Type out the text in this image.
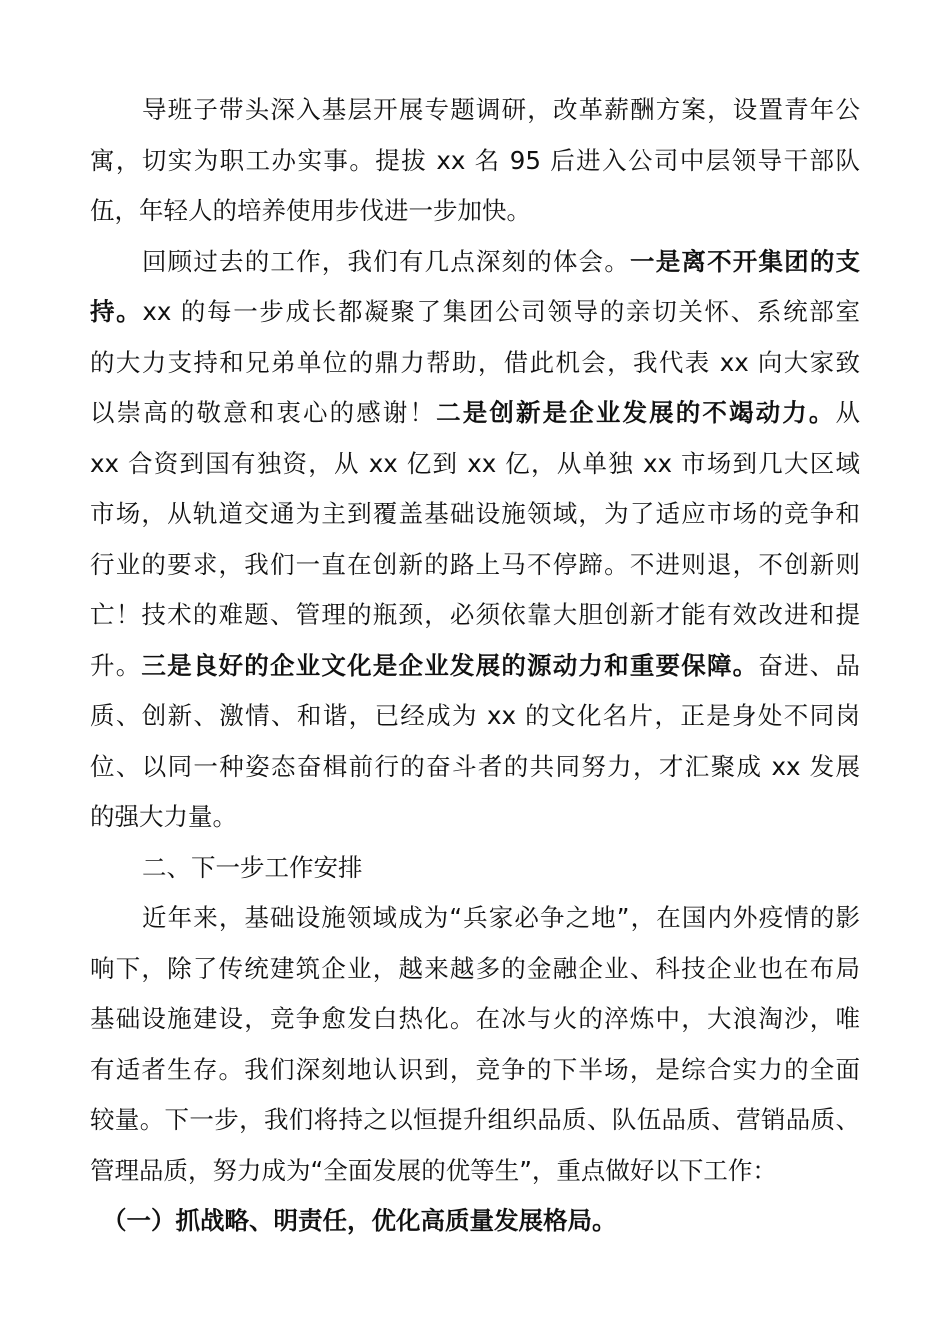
导班子带头深入基层开展专题调研，改革薪酬方案，设置青年公
寓，切实为职工办实事。提拔 xx 名 95 后进入公司中层领导干部队
伍，年轻人的培养使用步伐进一步加快。
回顾过去的工作，我们有几点深刻的体会。一是离不开集团的支
持。xx 的每一步成长都凝聚了集团公司领导的亲切关怀、系统部室
的大力支持和兄弟单位的鼎力帮助，借此机会，我代表 xx 向大家致
以崇高的敬意和衷心的感谢！二是创新是企业发展的不竭动力。从
xx 合资到国有独资，从 xx 亿到 xx 亿，从单独 xx 市场到几大区域
市场，从轨道交通为主到覆盖基础设施领域，为了适应市场的竞争和
行业的要求，我们一直在创新的路上马不停蹄。不进则退，不创新则
亡！技术的难题、管理的瓶颈，必须依靠大胆创新才能有效改进和提
升。三是良好的企业文化是企业发展的源动力和重要保障。奋进、品
质、创新、激情、和谐，已经成为 xx 的文化名片，正是身处不同岗
位、以同一种姿态奋楫前行的奋斗者的共同努力，才汇聚成 xx 发展
的强大力量。
二、下一步工作安排
近年来，基础设施领域成为“兵家必争之地”，在国内外疫情的影
响下，除了传统建筑企业，越来越多的金融企业、科技企业也在布局
基础设施建设，竞争愈发白热化。在冰与火的淬炼中，大浪淘沙，唯
有适者生存。我们深刻地认识到，竞争的下半场，是综合实力的全面
较量。下一步，我们将持之以恒提升组织品质、队伍品质、营销品质、
管理品质，努力成为“全面发展的优等生”，重点做好以下工作：
（一）抓战略、明责任，优化高质量发展格局。
